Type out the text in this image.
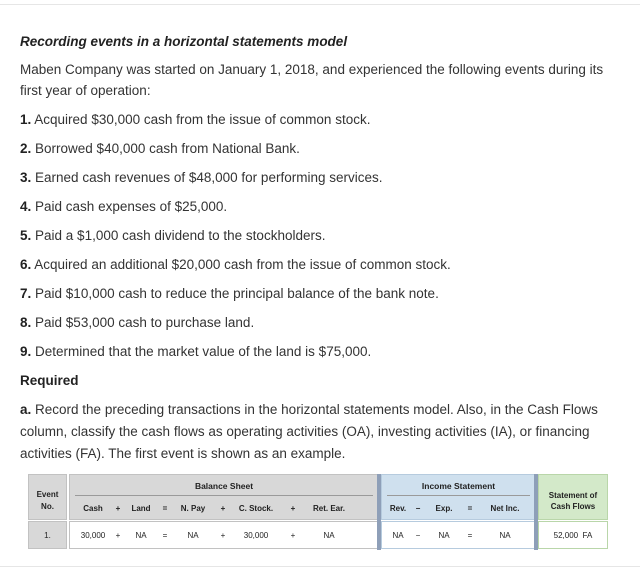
Recording events in a horizontal statements model
Maben Company was started on January 1, 2018, and experienced the following events during its first year of operation:
1. Acquired $30,000 cash from the issue of common stock.
2. Borrowed $40,000 cash from National Bank.
3. Earned cash revenues of $48,000 for performing services.
4. Paid cash expenses of $25,000.
5. Paid a $1,000 cash dividend to the stockholders.
6. Acquired an additional $20,000 cash from the issue of common stock.
7. Paid $10,000 cash to reduce the principal balance of the bank note.
8. Paid $53,000 cash to purchase land.
9. Determined that the market value of the land is $75,000.
Required
a. Record the preceding transactions in the horizontal statements model. Also, in the Cash Flows column, classify the cash flows as operating activities (OA), investing activities (IA), or financing activities (FA). The first event is shown as an example.
Event
No.
Balance Sheet	Income Statement
Statement of
Cash Flows
Cash	+	Land	=	N. Pay	+	C. Stock.	+	Ret. Ear.	Rev.	−	Exp.	=	Net Inc.
1.	30,000	+	NA	=	NA	+	30,000	+	NA	NA	−	NA	=	NA	52,000  FA
